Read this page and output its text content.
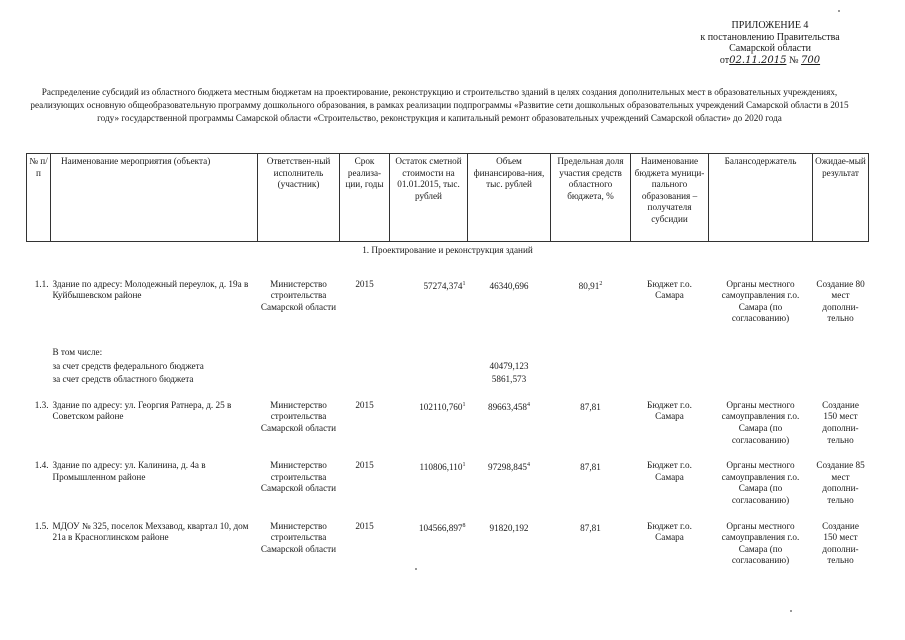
ПРИЛОЖЕНИЕ 4
к постановлению Правительства
Самарской области
от02.11.2015 № 700
Распределение субсидий из областного бюджета местным бюджетам на проектирование, реконструкцию и строительство зданий в целях создания дополнительных мест в образовательных учреждениях, реализующих основную общеобразовательную программу дошкольного образования, в рамках реализации подпрограммы «Развитие сети дошкольных образовательных учреждений Самарской области в 2015 году» государственной программы Самарской области «Строительство, реконструкция и капитальный ремонт образовательных учреждений Самарской области» до 2020 года
№ п/п	Наименование мероприятия (объекта)	Ответствен-ный исполнитель (участник)	Срок реализа-ции, годы	Остаток сметной стоимости на 01.01.2015, тыс. рублей	Объем финансирова-ния, тыс. рублей	Предельная доля участия средств областного бюджета, %	Наименование бюджета муници-пального образования – получателя субсидии	Балансодержатель	Ожидае-мый результат
1. Проектирование и реконструкция зданий									

1.1.	Здание по адресу: Молодежный переулок, д. 19а в Куйбышевском районе	Министерство строительства Самарской области	2015	57274,374$^1$	46340,696	80,91$^2$	Бюджет г.о. Самара	Органы местного самоуправления г.о. Самара (по согласованию)	Создание 80 мест дополни-тельно

	В том числе:								
	за счет средств федерального бюджета				40479,123				
	за счет средств областного бюджета				5861,573				

1.3.	Здание по адресу: ул. Георгия Ратнера, д. 25 в Советском районе	Министерство строительства Самарской области	2015	102110,760$^1$	89663,458$^4$	87,81	Бюджет г.о. Самара	Органы местного самоуправления г.о. Самара (по согласованию)	Создание 150 мест дополни-тельно

1.4.	Здание по адресу: ул. Калинина, д. 4а в Промышленном районе	Министерство строительства Самарской области	2015	110806,110$^1$	97298,845$^4$	87,81	Бюджет г.о. Самара	Органы местного самоуправления г.о. Самара (по согласованию)	Создание 85 мест дополни-тельно

1.5.	МДОУ № 325, поселок Мехзавод, квартал 10, дом 21а в Красноглинском районе	Министерство строительства Самарской области	2015	104566,897$^8$	91820,192	87,81	Бюджет г.о. Самара	Органы местного самоуправления г.о. Самара (по согласованию)	Создание 150 мест дополни-тельно
